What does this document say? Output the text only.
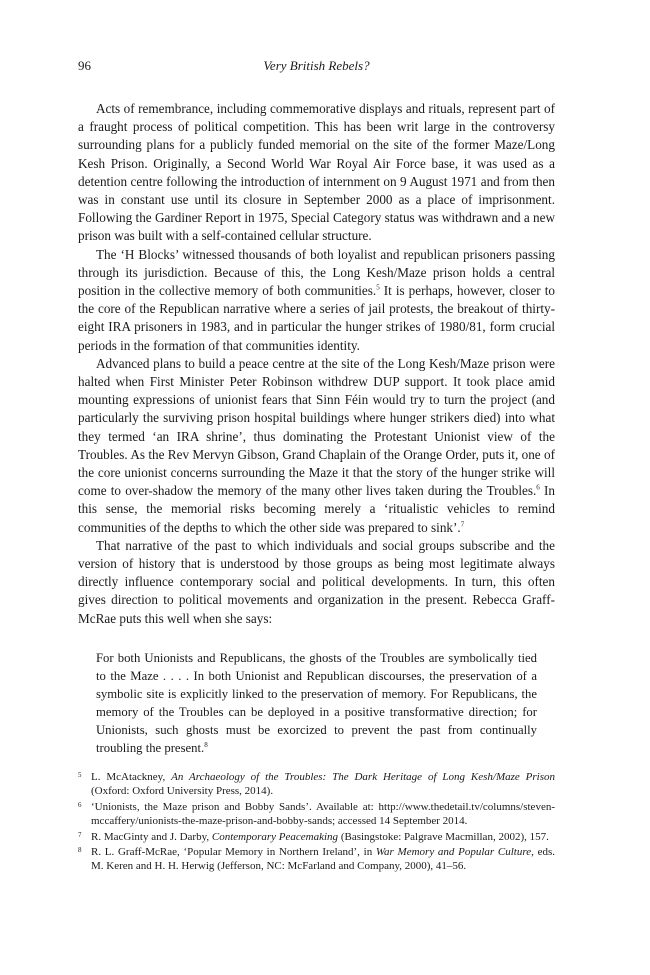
96	Very British Rebels?

Acts of remembrance, including commemorative displays and rituals, represent part of a fraught process of political competition. This has been writ large in the controversy surrounding plans for a publicly funded memorial on the site of the former Maze/Long Kesh Prison. Originally, a Second World War Royal Air Force base, it was used as a detention centre following the introduction of internment on 9 August 1971 and from then was in constant use until its closure in September 2000 as a place of imprisonment. Following the Gardiner Report in 1975, Special Category status was withdrawn and a new prison was built with a self-contained cellular structure.

The ‘H Blocks’ witnessed thousands of both loyalist and republican prisoners passing through its jurisdiction. Because of this, the Long Kesh/Maze prison holds a central position in the collective memory of both communities.$^5$ It is perhaps, however, closer to the core of the Republican narrative where a series of jail protests, the breakout of thirty-eight IRA prisoners in 1983, and in particular the hunger strikes of 1980/81, form crucial periods in the formation of that communities identity.

Advanced plans to build a peace centre at the site of the Long Kesh/Maze prison were halted when First Minister Peter Robinson withdrew DUP support. It took place amid mounting expressions of unionist fears that Sinn Féin would try to turn the project (and particularly the surviving prison hospital buildings where hunger strikers died) into what they termed ‘an IRA shrine’, thus dominating the Protestant Unionist view of the Troubles. As the Rev Mervyn Gibson, Grand Chaplain of the Orange Order, puts it, one of the core unionist concerns surrounding the Maze it that the story of the hunger strike will come to over-shadow the memory of the many other lives taken during the Troubles.$^6$ In this sense, the memorial risks becoming merely a ‘ritualistic vehicles to remind communities of the depths to which the other side was prepared to sink’.$^7$

That narrative of the past to which individuals and social groups subscribe and the version of history that is understood by those groups as being most legitimate always directly influence contemporary social and political developments. In turn, this often gives direction to political movements and organization in the present. Rebecca Graff-McRae puts this well when she says:

For both Unionists and Republicans, the ghosts of the Troubles are symbolically tied to the Maze . . . . In both Unionist and Republican discourses, the preservation of a symbolic site is explicitly linked to the preservation of memory. For Republicans, the memory of the Troubles can be deployed in a positive transformative direction; for Unionists, such ghosts must be exorcized to prevent the past from continually troubling the present.$^8$

5 L. McAtackney, An Archaeology of the Troubles: The Dark Heritage of Long Kesh/Maze Prison (Oxford: Oxford University Press, 2014).

6 ‘Unionists, the Maze prison and Bobby Sands’. Available at: http://www.thedetail.tv/columns/steven-mccaffery/unionists-the-maze-prison-and-bobby-sands; accessed 14 September 2014.

7 R. MacGinty and J. Darby, Contemporary Peacemaking (Basingstoke: Palgrave Macmillan, 2002), 157.

8 R. L. Graff-McRae, ‘Popular Memory in Northern Ireland’, in War Memory and Popular Culture, eds. M. Keren and H. H. Herwig (Jefferson, NC: McFarland and Company, 2000), 41–56.
